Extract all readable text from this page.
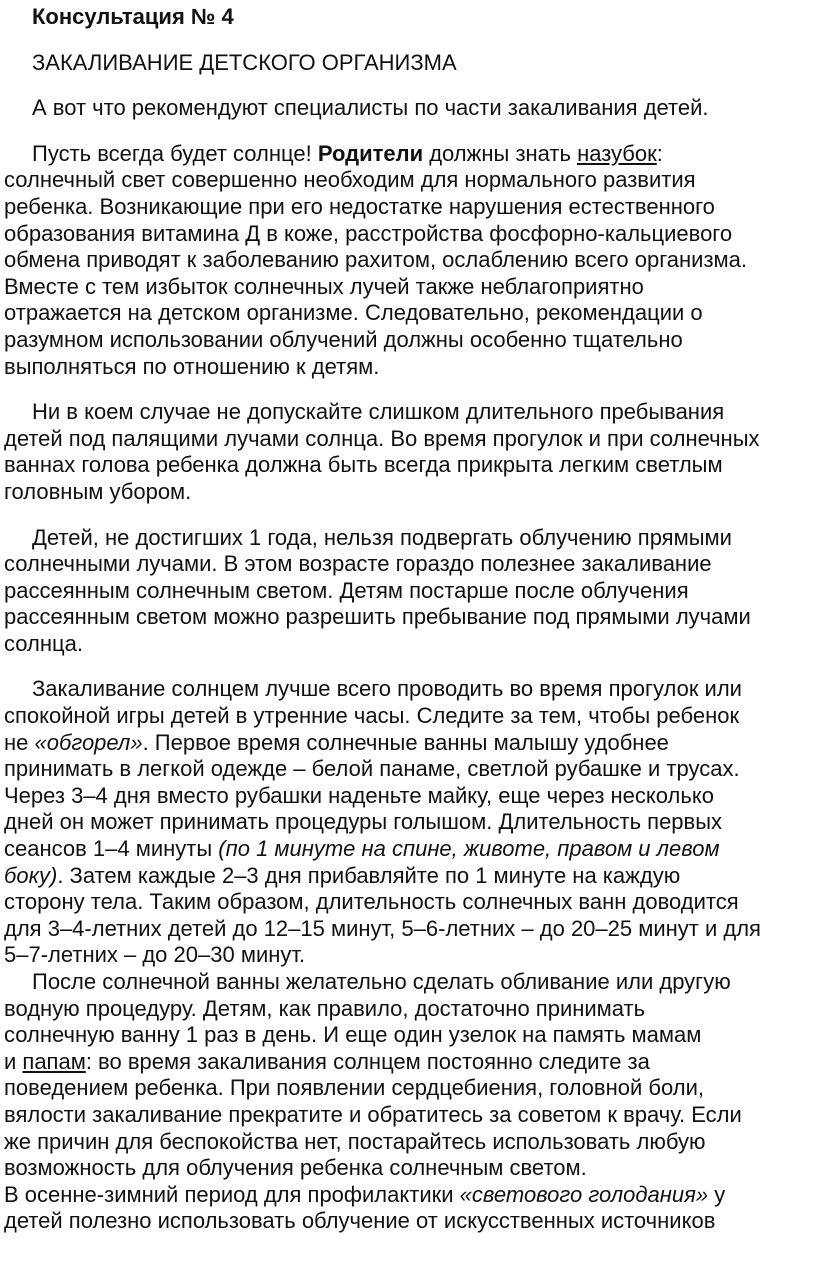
Консультация № 4
ЗАКАЛИВАНИЕ ДЕТСКОГО ОРГАНИЗМА
А вот что рекомендуют специалисты по части закаливания детей.
Пусть всегда будет солнце! Родители должны знать назубок:
солнечный свет совершенно необходим для нормального развития
ребенка. Возникающие при его недостатке нарушения естественного
образования витамина Д в коже, расстройства фосфорно-кальциевого
обмена приводят к заболеванию рахитом, ослаблению всего организма.
Вместе с тем избыток солнечных лучей также неблагоприятно
отражается на детском организме. Следовательно, рекомендации о
разумном использовании облучений должны особенно тщательно
выполняться по отношению к детям.
Ни в коем случае не допускайте слишком длительного пребывания
детей под палящими лучами солнца. Во время прогулок и при солнечных
ваннах голова ребенка должна быть всегда прикрыта легким светлым
головным убором.
Детей, не достигших 1 года, нельзя подвергать облучению прямыми
солнечными лучами. В этом возрасте гораздо полезнее закаливание
рассеянным солнечным светом. Детям постарше после облучения
рассеянным светом можно разрешить пребывание под прямыми лучами
солнца.
Закаливание солнцем лучше всего проводить во время прогулок или
спокойной игры детей в утренние часы. Следите за тем, чтобы ребенок
не «обгорел». Первое время солнечные ванны малышу удобнее
принимать в легкой одежде – белой панаме, светлой рубашке и трусах.
Через 3–4 дня вместо рубашки наденьте майку, еще через несколько
дней он может принимать процедуры голышом. Длительность первых
сеансов 1–4 минуты (по 1 минуте на спине, животе, правом и левом
боку). Затем каждые 2–3 дня прибавляйте по 1 минуте на каждую
сторону тела. Таким образом, длительность солнечных ванн доводится
для 3–4-летних детей до 12–15 минут, 5–6-летних – до 20–25 минут и для
5–7-летних – до 20–30 минут.
После солнечной ванны желательно сделать обливание или другую
водную процедуру. Детям, как правило, достаточно принимать
солнечную ванну 1 раз в день. И еще один узелок на память мамам
и папам: во время закаливания солнцем постоянно следите за
поведением ребенка. При появлении сердцебиения, головной боли,
вялости закаливание прекратите и обратитесь за советом к врачу. Если
же причин для беспокойства нет, постарайтесь использовать любую
возможность для облучения ребенка солнечным светом.
В осенне-зимний период для профилактики «светового голодания» у
детей полезно использовать облучение от искусственных источников
